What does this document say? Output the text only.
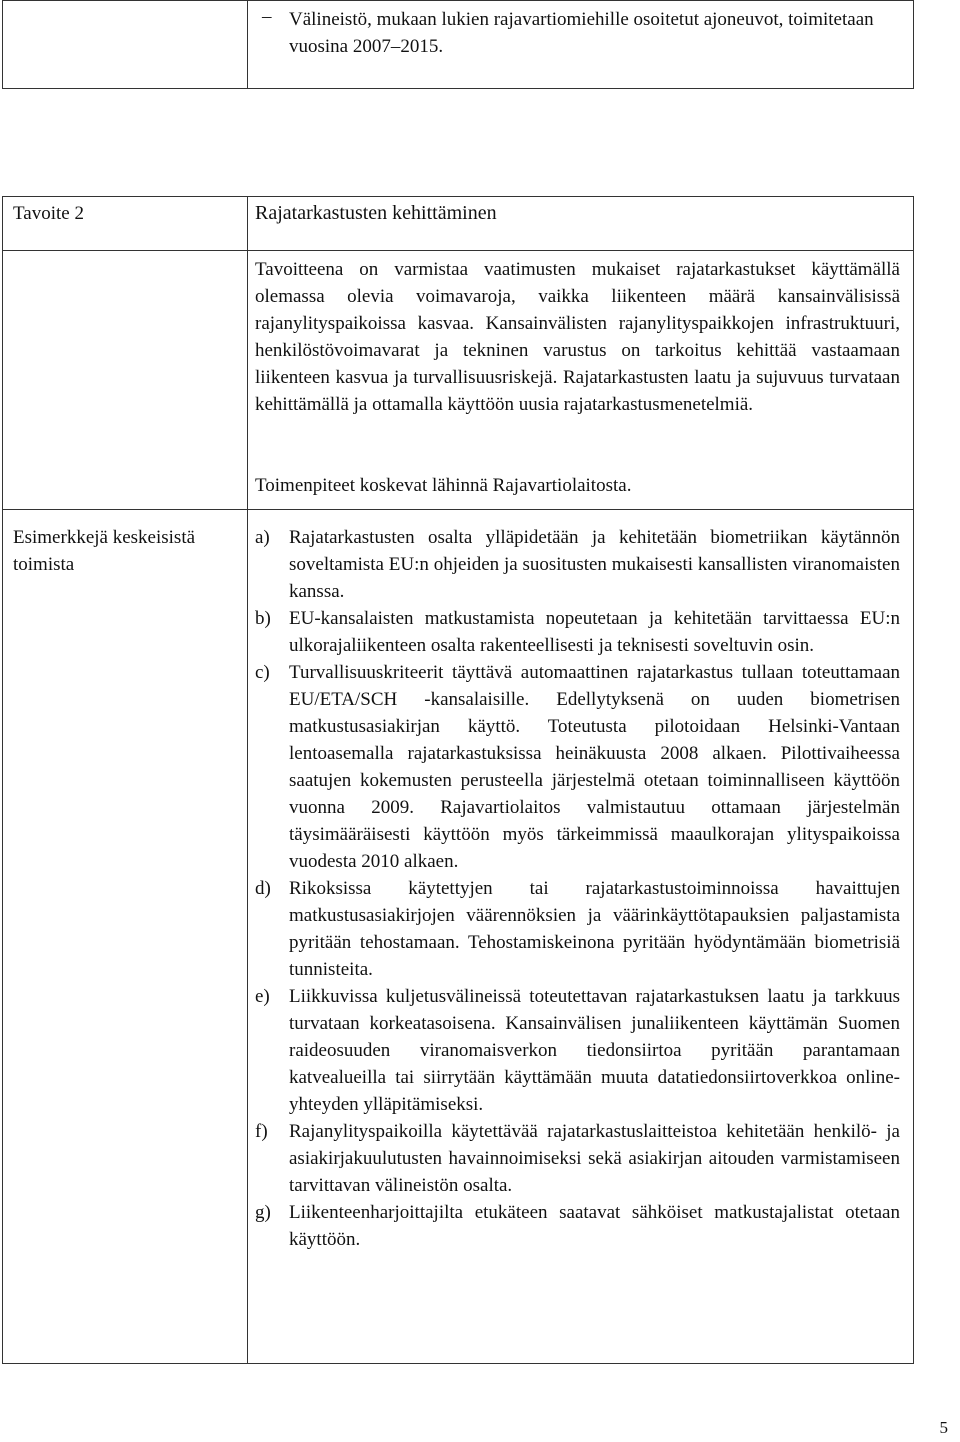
– Välineistö, mukaan lukien rajavartiomiehille osoitetut ajoneuvot, toimitetaan vuosina 2007–2015.
Tavoite 2	Rajatarkastusten kehittäminen
Tavoitteena on varmistaa vaatimusten mukaiset rajatarkastukset käyttämällä olemassa olevia voimavaroja, vaikka liikenteen määrä kansainvälisissä rajanylityspaikoissa kasvaa. Kansainvälisten rajanylityspaikkojen infrastruktuuri, henkilöstövoimavarat ja tekninen varustus on tarkoitus kehittää vastaamaan liikenteen kasvua ja turvallisuusriskejä. Rajatarkastusten laatu ja sujuvuus turvataan kehittämällä ja ottamalla käyttöön uusia rajatarkastusmenetelmiä.
Toimenpiteet koskevat lähinnä Rajavartiolaitosta.
Esimerkkejä keskeisistä toimista
a) Rajatarkastusten osalta ylläpidetään ja kehitetään biometriikan käytännön soveltamista EU:n ohjeiden ja suositusten mukaisesti kansallisten viranomaisten kanssa.
b) EU-kansalaisten matkustamista nopeutetaan ja kehitetään tarvittaessa EU:n ulkorajaliikenteen osalta rakenteellisesti ja teknisesti soveltuvin osin.
c) Turvallisuuskriteerit täyttävä automaattinen rajatarkastus tullaan toteuttamaan EU/ETA/SCH -kansalaisille. Edellytyksenä on uuden biometrisen matkustusasiakirjan käyttö. Toteutusta pilotoidaan Helsinki-Vantaan lentoasemalla rajatarkastuksissa heinäkuusta 2008 alkaen. Pilottivaiheessa saatujen kokemusten perusteella järjestelmä otetaan toiminnalliseen käyttöön vuonna 2009. Rajavartiolaitos valmistautuu ottamaan järjestelmän täysimääräisesti käyttöön myös tärkeimmissä maaulkorajan ylityspaikoissa vuodesta 2010 alkaen.
d) Rikoksissa käytettyjen tai rajatarkastustoiminnoissa havaittujen matkustusasiakirjojen väärennöksien ja väärinkäyttötapauksien paljastamista pyritään tehostamaan. Tehostamiskeinona pyritään hyödyntämään biometrisiä tunnisteita.
e) Liikkuvissa kuljetusvälineissä toteutettavan rajatarkastuksen laatu ja tarkkuus turvataan korkeatasoisena. Kansainvälisen junaliikenteen käyttämän Suomen raideosuuden viranomaisverkon tiedonsiirtoa pyritään parantamaan katvealueilla tai siirrytään käyttämään muuta datatiedonsiirtoverkkoa online-yhteyden ylläpitämiseksi.
f) Rajanylityspaikoilla käytettävää rajatarkastuslaitteistoa kehitetään henkilö- ja asiakirjakuulutusten havainnoimiseksi sekä asiakirjan aitouden varmistamiseen tarvittavan välineistön osalta.
g) Liikenteenharjoittajilta etukäteen saatavat sähköiset matkustajalistat otetaan käyttöön.
5
